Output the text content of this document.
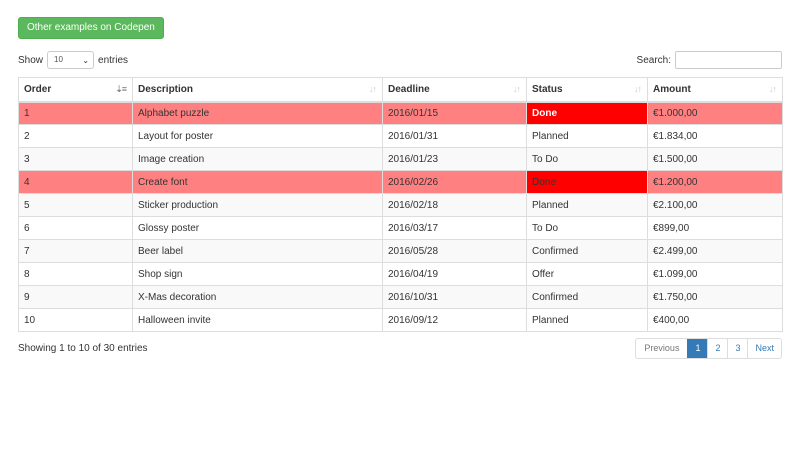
Other examples on Codepen
Show	10 ⌄ entries	Search:
Order ⇣≡	Description ↓↑	Deadline ↓↑	Status ↓↑	Amount ↓↑

1	Alphabet puzzle	2016/01/15	Done	€1.000,00
2	Layout for poster	2016/01/31	Planned	€1.834,00
3	Image creation	2016/01/23	To Do	€1.500,00
4	Create font	2016/02/26	Done	€1.200,00
5	Sticker production	2016/02/18	Planned	€2.100,00
6	Glossy poster	2016/03/17	To Do	€899,00
7	Beer label	2016/05/28	Confirmed	€2.499,00
8	Shop sign	2016/04/19	Offer	€1.099,00
9	X-Mas decoration	2016/10/31	Confirmed	€1.750,00
10	Halloween invite	2016/09/12	Planned	€400,00
Showing 1 to 10 of 30 entries	Previous	1	2	3	Next
